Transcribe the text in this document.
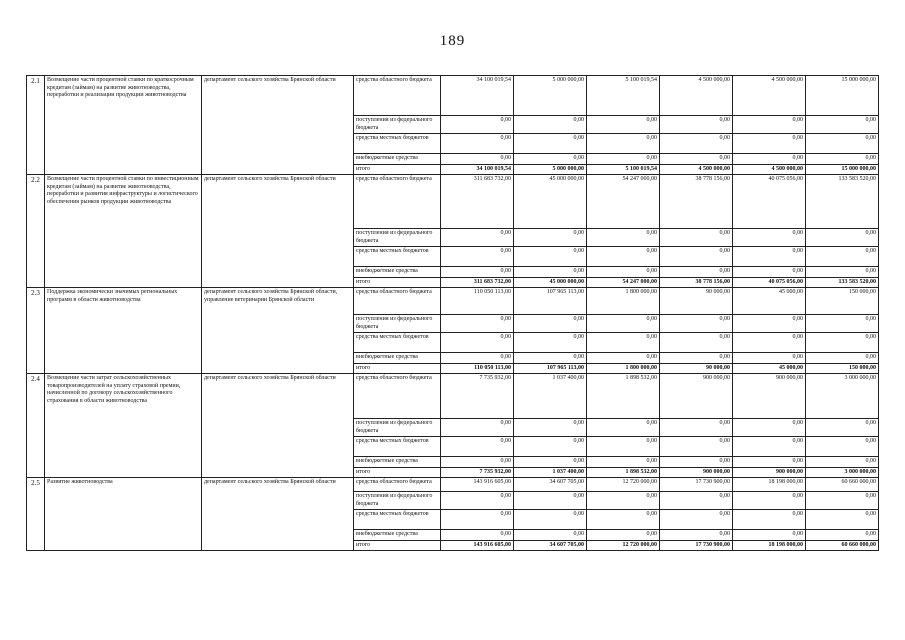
189
2.1	Возмещение части процентной ставки по краткосрочным кредитам (займам) на развитие животноводства, переработки и реализации продукции животноводства	департамент сельского хозяйства Брянской области	средства областного бюджета	34 100 019,54	5 000 000,00	5 100 019,54	4 500 000,00	4 500 000,00	15 000 000,00
			поступления из федерального бюджета	0,00	0,00	0,00	0,00	0,00	0,00
			средства местных бюджетов	0,00	0,00	0,00	0,00	0,00	0,00
			внебюджетные средства	0,00	0,00	0,00	0,00	0,00	0,00
			итого	34 100 019,54	5 000 000,00	5 100 019,54	4 500 000,00	4 500 000,00	15 000 000,00
2.2	Возмещение части процентной ставки по инвестиционным кредитам (займам) на развитие животноводства, переработки и развития инфраструктуры и логистического обеспечения рынков продукции животноводства	департамент сельского хозяйства Брянской области	средства областного бюджета	311 683 732,00	45 000 000,00	54 247 000,00	38 778 156,00	40 075 056,00	133 583 520,00
			поступления из федерального бюджета	0,00	0,00	0,00	0,00	0,00	0,00
			средства местных бюджетов	0,00	0,00	0,00	0,00	0,00	0,00
			внебюджетные средства	0,00	0,00	0,00	0,00	0,00	0,00
			итого	311 683 732,00	45 000 000,00	54 247 000,00	38 778 156,00	40 075 056,00	133 583 520,00
2.3	Поддержка экономически значимых региональных программ в области животноводства	департамент сельского хозяйства Брянской области, управление ветеринарии Брянской области	средства областного бюджета	110 050 113,00	107 965 113,00	1 800 000,00	90 000,00	45 000,00	150 000,00
			поступления из федерального бюджета	0,00	0,00	0,00	0,00	0,00	0,00
			средства местных бюджетов	0,00	0,00	0,00	0,00	0,00	0,00
			внебюджетные средства	0,00	0,00	0,00	0,00	0,00	0,00
			итого	110 050 113,00	107 965 113,00	1 800 000,00	90 000,00	45 000,00	150 000,00
2.4	Возмещение части затрат сельскохозяйственных товаропроизводителей на уплату страховой премии, начисленной по договору сельскохозяйственного страхования в области животноводства	департамент сельского хозяйства Брянской области	средства областного бюджета	7 735 932,00	1 037 400,00	1 898 532,00	900 000,00	900 000,00	3 000 000,00
			поступления из федерального бюджета	0,00	0,00	0,00	0,00	0,00	0,00
			средства местных бюджетов	0,00	0,00	0,00	0,00	0,00	0,00
			внебюджетные средства	0,00	0,00	0,00	0,00	0,00	0,00
			итого	7 735 932,00	1 037 400,00	1 898 532,00	900 000,00	900 000,00	3 000 000,00
2.5	Развитие животноводства	департамент сельского хозяйства Брянской области	средства областного бюджета	143 916 605,00	34 607 705,00	12 720 000,00	17 730 900,00	18 198 000,00	60 660 000,00
			поступления из федерального бюджета	0,00	0,00	0,00	0,00	0,00	0,00
			средства местных бюджетов	0,00	0,00	0,00	0,00	0,00	0,00
			внебюджетные средства	0,00	0,00	0,00	0,00	0,00	0,00
			итого	143 916 605,00	34 607 705,00	12 720 000,00	17 730 900,00	18 198 000,00	60 660 000,00
